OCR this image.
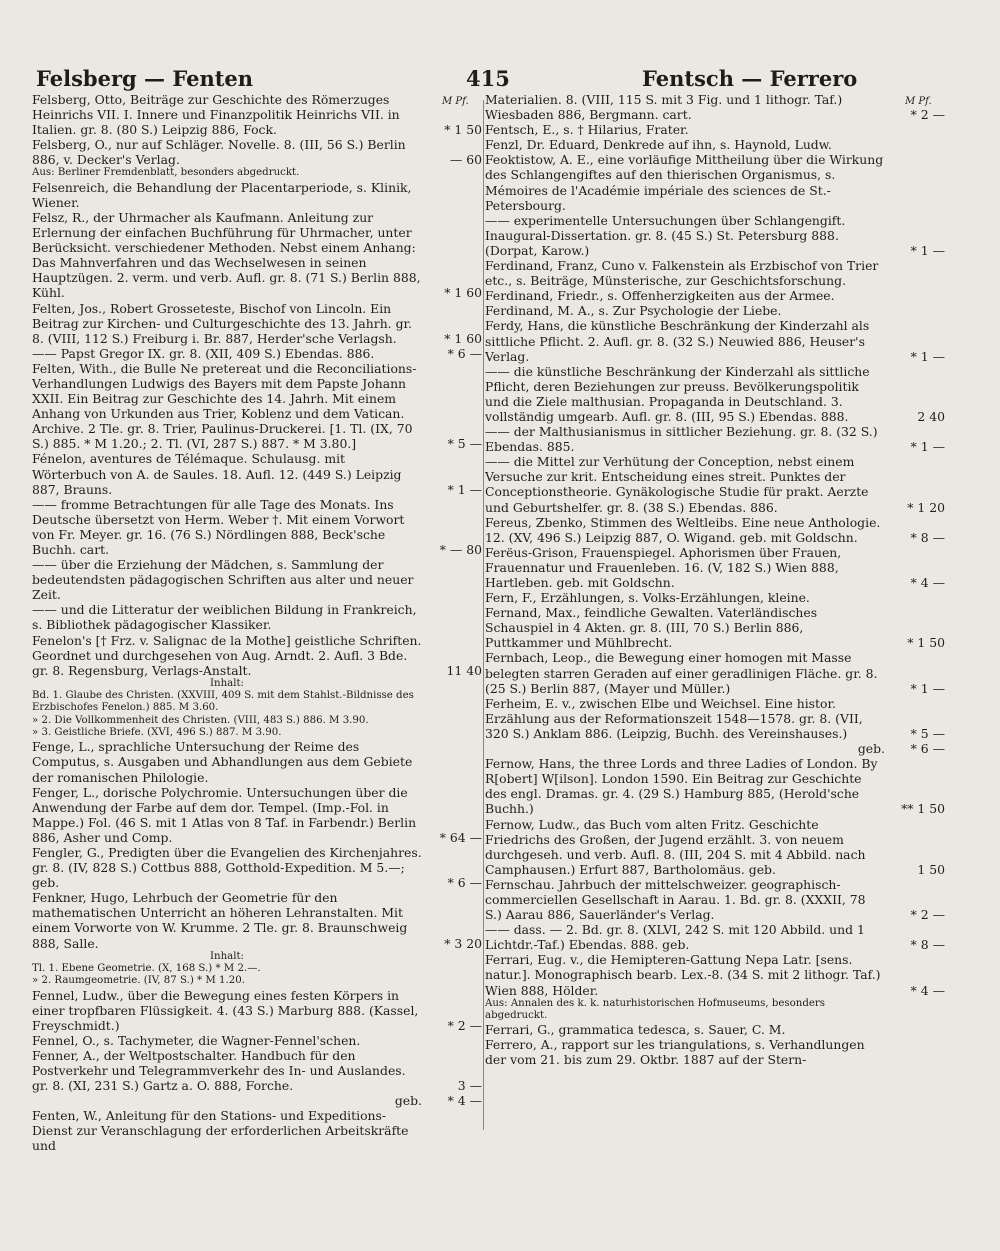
Felsberg — Fenten	415	Fentsch — Ferrero
M Pf.	M Pf.
Felsberg, Otto, Beiträge zur Geschichte des Römerzuges Heinrichs VII. I. Innere und Finanzpolitik Heinrichs VII. in Italien. gr. 8. (80 S.) Leipzig 886, Fock.	* 1 50
Felsberg, O., nur auf Schläger. Novelle. 8. (III, 56 S.) Berlin 886, v. Decker's Verlag.	— 60
Aus: Berliner Fremdenblatt, besonders abgedruckt.
Felsenreich, die Behandlung der Placentarperiode, s. Klinik, Wiener.
Felsz, R., der Uhrmacher als Kaufmann. Anleitung zur Erlernung der einfachen Buchführung für Uhrmacher, unter Berücksicht. verschiedener Methoden. Nebst einem Anhang: Das Mahnverfahren und das Wechselwesen in seinen Hauptzügen. 2. verm. und verb. Aufl. gr. 8. (71 S.) Berlin 888, Kühl.	* 1 60
Felten, Jos., Robert Grosseteste, Bischof von Lincoln. Ein Beitrag zur Kirchen- und Culturgeschichte des 13. Jahrh. gr. 8. (VIII, 112 S.) Freiburg i. Br. 887, Herder'sche Verlagsh.	* 1 60
—— Papst Gregor IX. gr. 8. (XII, 409 S.) Ebendas. 886.	* 6 —
Felten, With., die Bulle Ne pretereat und die Reconciliations-Verhandlungen Ludwigs des Bayers mit dem Papste Johann XXII. Ein Beitrag zur Geschichte des 14. Jahrh. Mit einem Anhang von Urkunden aus Trier, Koblenz und dem Vatican. Archive. 2 Tle. gr. 8. Trier, Paulinus-Druckerei. [1. Tl. (IX, 70 S.) 885. * M 1.20.; 2. Tl. (VI, 287 S.) 887. * M 3.80.]	* 5 —
Fénelon, aventures de Télémaque. Schulausg. mit Wörterbuch von A. de Saules. 18. Aufl. 12. (449 S.) Leipzig 887, Brauns.	* 1 —
—— fromme Betrachtungen für alle Tage des Monats. Ins Deutsche übersetzt von Herm. Weber †. Mit einem Vorwort von Fr. Meyer. gr. 16. (76 S.) Nördlingen 888, Beck'sche Buchh. cart.	* — 80
—— über die Erziehung der Mädchen, s. Sammlung der bedeutendsten pädagogischen Schriften aus alter und neuer Zeit.
—— und die Litteratur der weiblichen Bildung in Frankreich, s. Bibliothek pädagogischer Klassiker.
Fenelon's [† Frz. v. Salignac de la Mothe] geistliche Schriften. Geordnet und durchgesehen von Aug. Arndt. 2. Aufl. 3 Bde. gr. 8. Regensburg, Verlags-Anstalt.	11 40
Inhalt:
Bd. 1. Glaube des Christen. (XXVIII, 409 S. mit dem Stahlst.-Bildnisse des Erzbischofes Fenelon.) 885. M 3.60.
» 2. Die Vollkommenheit des Christen. (VIII, 483 S.) 886. M 3.90.
» 3. Geistliche Briefe. (XVI, 496 S.) 887. M 3.90.
Fenge, L., sprachliche Untersuchung der Reime des Computus, s. Ausgaben und Abhandlungen aus dem Gebiete der romanischen Philologie.
Fenger, L., dorische Polychromie. Untersuchungen über die Anwendung der Farbe auf dem dor. Tempel. (Imp.-Fol. in Mappe.) Fol. (46 S. mit 1 Atlas von 8 Taf. in Farbendr.) Berlin 886, Asher und Comp.	* 64 —
Fengler, G., Predigten über die Evangelien des Kirchenjahres. gr. 8. (IV, 828 S.) Cottbus 888, Gotthold-Expedition. M 5.—; geb.	* 6 —
Fenkner, Hugo, Lehrbuch der Geometrie für den mathematischen Unterricht an höheren Lehranstalten. Mit einem Vorworte von W. Krumme. 2 Tle. gr. 8. Braunschweig 888, Salle.	* 3 20
Inhalt:
Tl. 1. Ebene Geometrie. (X, 168 S.) * M 2.—.
» 2. Raumgeometrie. (IV, 87 S.) * M 1.20.
Fennel, Ludw., über die Bewegung eines festen Körpers in einer tropfbaren Flüssigkeit. 4. (43 S.) Marburg 888. (Kassel, Freyschmidt.)	* 2 —
Fennel, O., s. Tachymeter, die Wagner-Fennel'schen.
Fenner, A., der Weltpostschalter. Handbuch für den Postverkehr und Telegrammverkehr des In- und Auslandes. gr. 8. (XI, 231 S.) Gartz a. O. 888, Forche.	3 —
geb.	* 4 —
Fenten, W., Anleitung für den Stations- und Expeditions-Dienst zur Veranschlagung der erforderlichen Arbeitskräfte und
Materialien. 8. (VIII, 115 S. mit 3 Fig. und 1 lithogr. Taf.) Wiesbaden 886, Bergmann. cart.	* 2 —
Fentsch, E., s. † Hilarius, Frater.
Fenzl, Dr. Eduard, Denkrede auf ihn, s. Haynold, Ludw.
Feoktistow, A. E., eine vorläufige Mittheilung über die Wirkung des Schlangengiftes auf den thierischen Organismus, s. Mémoires de l'Académie impériale des sciences de St.-Petersbourg.
—— experimentelle Untersuchungen über Schlangengift. Inaugural-Dissertation. gr. 8. (45 S.) St. Petersburg 888. (Dorpat, Karow.)	* 1 —
Ferdinand, Franz, Cuno v. Falkenstein als Erzbischof von Trier etc., s. Beiträge, Münsterische, zur Geschichtsforschung.
Ferdinand, Friedr., s. Offenherzigkeiten aus der Armee.
Ferdinand, M. A., s. Zur Psychologie der Liebe.
Ferdy, Hans, die künstliche Beschränkung der Kinderzahl als sittliche Pflicht. 2. Aufl. gr. 8. (32 S.) Neuwied 886, Heuser's Verlag.	* 1 —
—— die künstliche Beschränkung der Kinderzahl als sittliche Pflicht, deren Beziehungen zur preuss. Bevölkerungspolitik und die Ziele malthusian. Propaganda in Deutschland. 3. vollständig umgearb. Aufl. gr. 8. (III, 95 S.) Ebendas. 888.	2 40
—— der Malthusianismus in sittlicher Beziehung. gr. 8. (32 S.) Ebendas. 885.	* 1 —
—— die Mittel zur Verhütung der Conception, nebst einem Versuche zur krit. Entscheidung eines streit. Punktes der Conceptionstheorie. Gynäkologische Studie für prakt. Aerzte und Geburtshelfer. gr. 8. (38 S.) Ebendas. 886.	* 1 20
Fereus, Zbenko, Stimmen des Weltleibs. Eine neue Anthologie. 12. (XV, 496 S.) Leipzig 887, O. Wigand. geb. mit Goldschn.	* 8 —
Ferëus-Grison, Frauenspiegel. Aphorismen über Frauen, Frauennatur und Frauenleben. 16. (V, 182 S.) Wien 888, Hartleben. geb. mit Goldschn.	* 4 —
Fern, F., Erzählungen, s. Volks-Erzählungen, kleine.
Fernand, Max., feindliche Gewalten. Vaterländisches Schauspiel in 4 Akten. gr. 8. (III, 70 S.) Berlin 886, Puttkammer und Mühlbrecht.	* 1 50
Fernbach, Leop., die Bewegung einer homogen mit Masse belegten starren Geraden auf einer geradlinigen Fläche. gr. 8. (25 S.) Berlin 887, (Mayer und Müller.)	* 1 —
Ferheim, E. v., zwischen Elbe und Weichsel. Eine histor. Erzählung aus der Reformationszeit 1548—1578. gr. 8. (VII, 320 S.) Anklam 886. (Leipzig, Buchh. des Vereinshauses.)	* 5 —
geb.	* 6 —
Fernow, Hans, the three Lords and three Ladies of London. By R[obert] W[ilson]. London 1590. Ein Beitrag zur Geschichte des engl. Dramas. gr. 4. (29 S.) Hamburg 885, (Herold'sche Buchh.)	** 1 50
Fernow, Ludw., das Buch vom alten Fritz. Geschichte Friedrichs des Großen, der Jugend erzählt. 3. von neuem durchgeseh. und verb. Aufl. 8. (III, 204 S. mit 4 Abbild. nach Camphausen.) Erfurt 887, Bartholomäus. geb.	1 50
Fernschau. Jahrbuch der mittelschweizer. geographisch-commerciellen Gesellschaft in Aarau. 1. Bd. gr. 8. (XXXII, 78 S.) Aarau 886, Sauerländer's Verlag.	* 2 —
—— dass. — 2. Bd. gr. 8. (XLVI, 242 S. mit 120 Abbild. und 1 Lichtdr.-Taf.) Ebendas. 888. geb.	* 8 —
Ferrari, Eug. v., die Hemipteren-Gattung Nepa Latr. [sens. natur.]. Monographisch bearb. Lex.-8. (34 S. mit 2 lithogr. Taf.) Wien 888, Hölder.	* 4 —
Aus: Annalen des k. k. naturhistorischen Hofmuseums, besonders abgedruckt.
Ferrari, G., grammatica tedesca, s. Sauer, C. M.
Ferrero, A., rapport sur les triangulations, s. Verhandlungen der vom 21. bis zum 29. Oktbr. 1887 auf der Stern-
